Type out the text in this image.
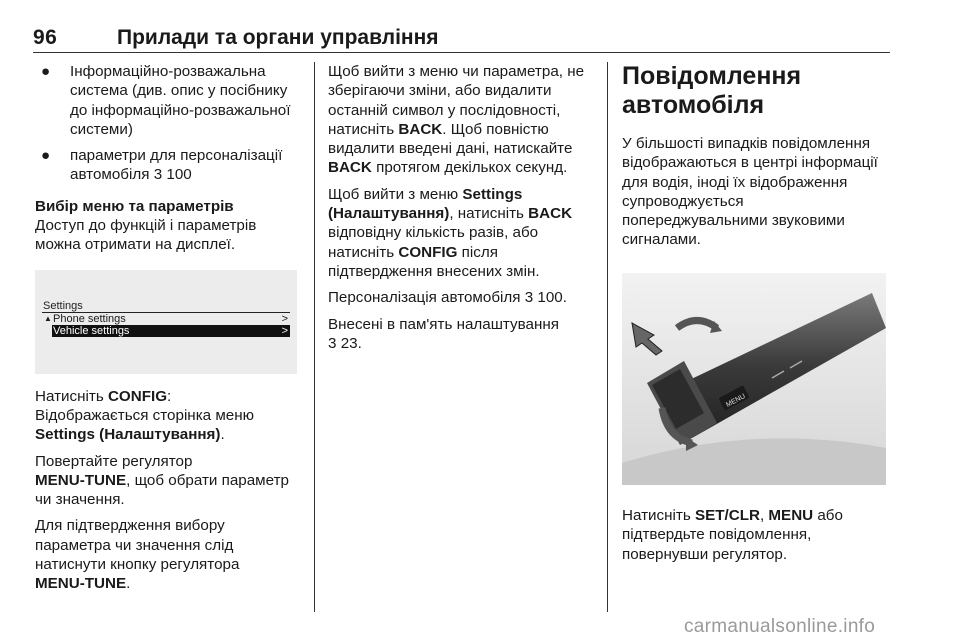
96	Прилади та органи управління
● Інформаційно-розважальна система (див. опис у посібнику до інформаційно-розважальної системи)
● параметри для персоналізації автомобіля 3 100

Вибір меню та параметрів

Доступ до функцій і параметрів можна отримати на дисплеї.

Settings
▲ Phone settings	>
Vehicle settings	>

Натисніть CONFIG:
Відображається сторінка меню Settings (Налаштування).

Повертайте регулятор
MENU-TUNE, щоб обрати параметр чи значення.

Для підтвердження вибору параметра чи значення слід натиснути кнопку регулятора
MENU-TUNE.

Щоб вийти з меню чи параметра, не зберігаючи зміни, або видалити останній символ у послідовності, натисніть BACK. Щоб повністю видалити введені дані, натискайте BACK протягом декількох секунд.

Щоб вийти з меню Settings (Налаштування), натисніть BACK відповідну кількість разів, або натисніть CONFIG після підтвердження внесених змін.

Персоналізація автомобіля 3 100.

Внесені в пам'ять налаштування
3 23.

Повідомлення автомобіля

У більшості випадків повідомлення відображаються в центрі інформації для водія, іноді їх відображення супроводжується попереджувальними звуковими сигналами.

MENU

Натисніть SET/CLR, MENU або підтвердьте повідомлення, повернувши регулятор.

carmanualsonline.info
